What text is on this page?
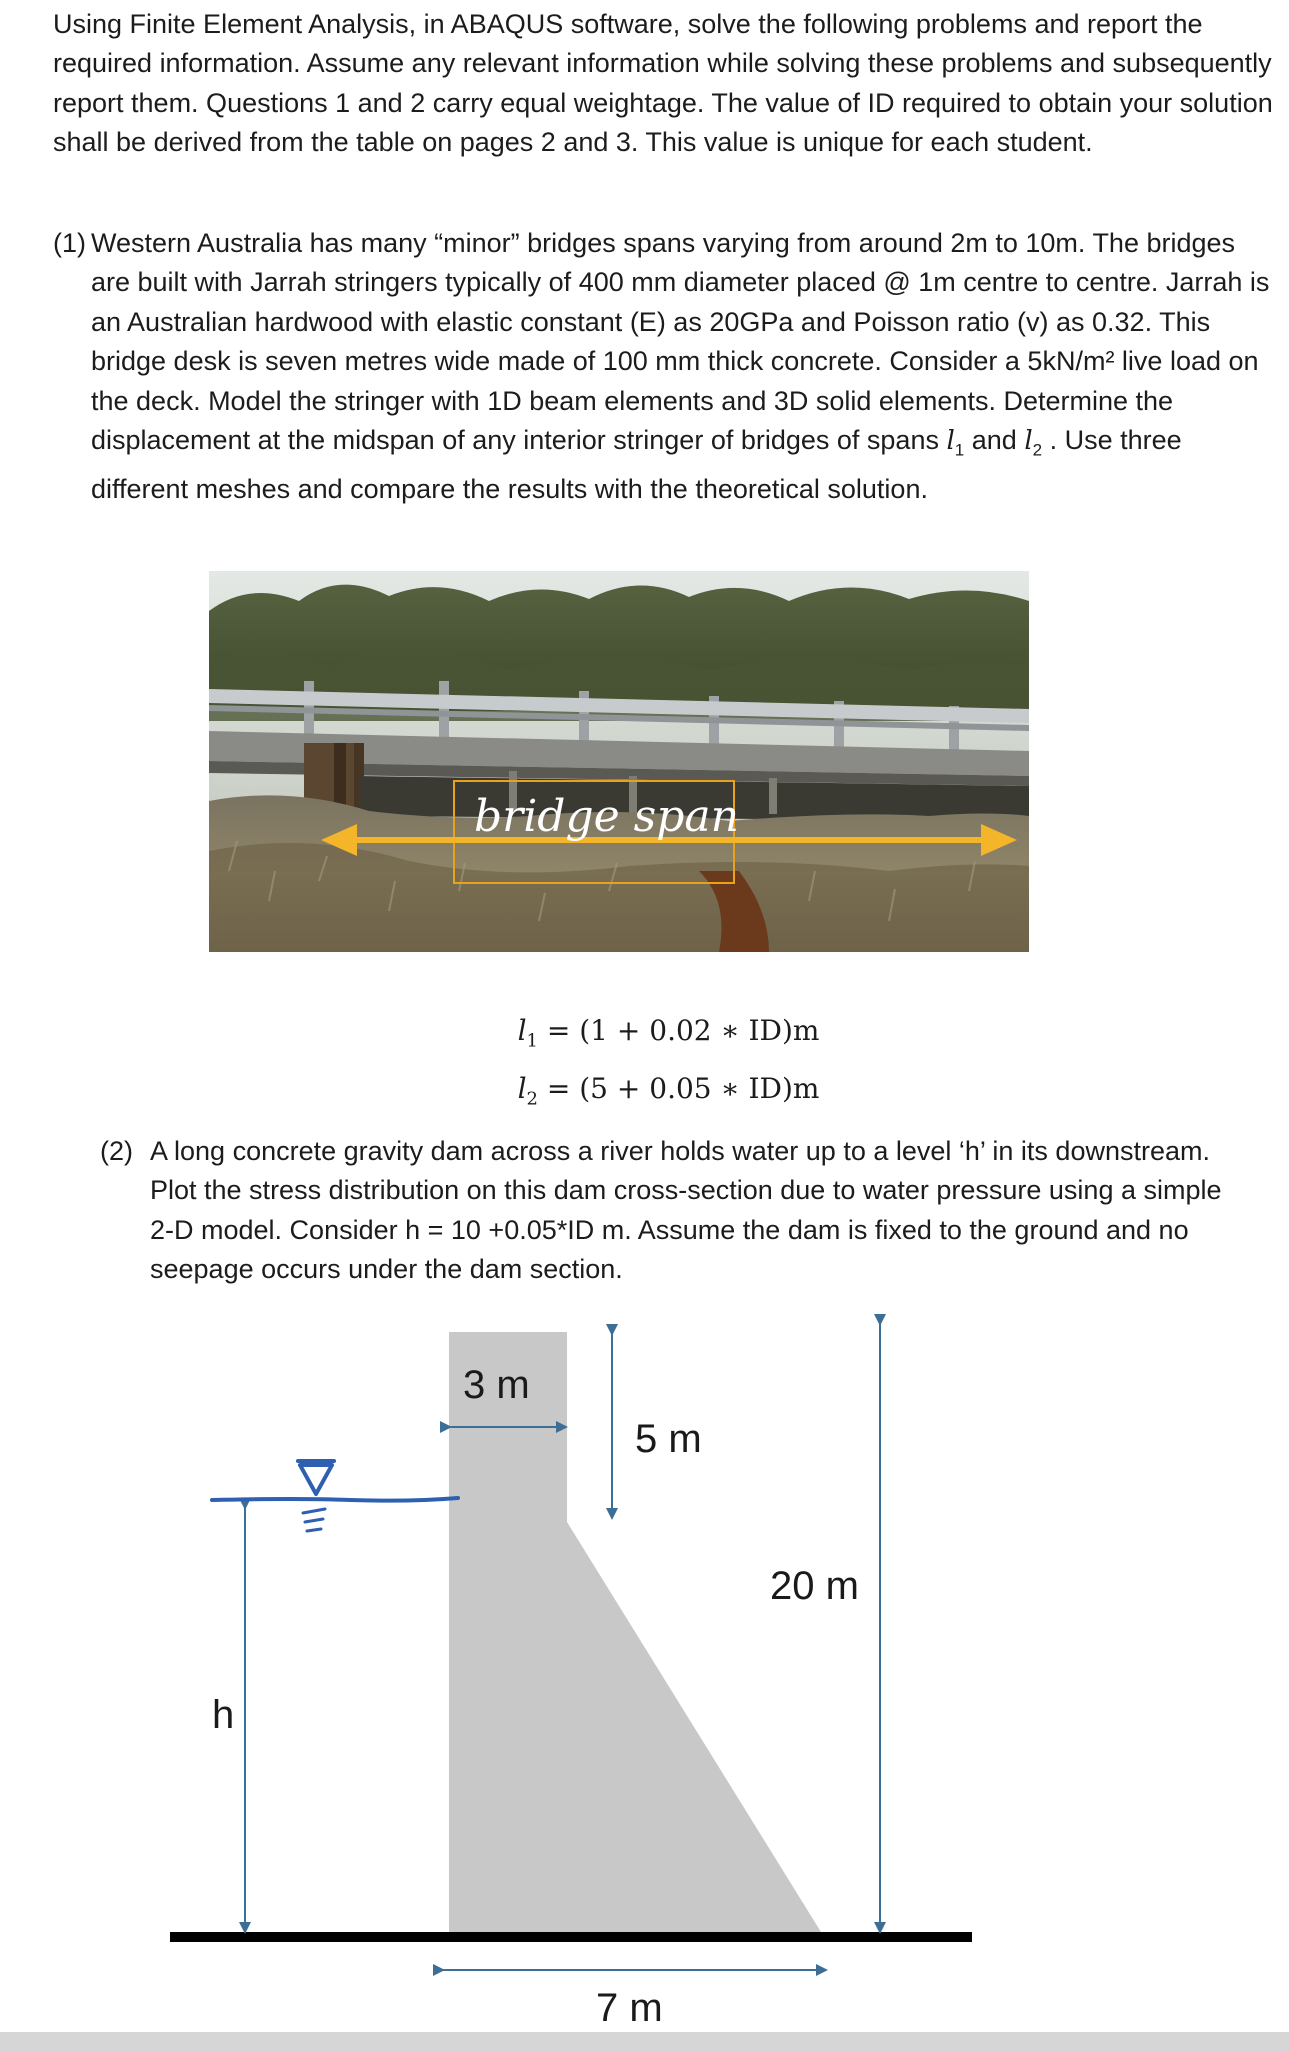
Using Finite Element Analysis, in ABAQUS software, solve the following problems and report the required information. Assume any relevant information while solving these problems and subsequently report them. Questions 1 and 2 carry equal weightage. The value of ID required to obtain your solution shall be derived from the table on pages 2 and 3. This value is unique for each student.

(1) Western Australia has many “minor” bridges spans varying from around 2m to 10m. The bridges are built with Jarrah stringers typically of 400 mm diameter placed @ 1m centre to centre. Jarrah is an Australian hardwood with elastic constant (E) as 20GPa and Poisson ratio (v) as 0.32. This bridge desk is seven metres wide made of 100 mm thick concrete. Consider a 5kN/m² live load on the deck. Model the stringer with 1D beam elements and 3D solid elements. Determine the displacement at the midspan of any interior stringer of bridges of spans $l_1$ and $l_2$ . Use three different meshes and compare the results with the theoretical solution.
bridge span
$l_1 = (1 + 0.02$ ∗ ID)m
$l_2 = (5 + 0.05$ ∗ ID)m
(2) A long concrete gravity dam across a river holds water up to a level ‘h’ in its downstream. Plot the stress distribution on this dam cross-section due to water pressure using a simple 2-D model. Consider h = 10 +0.05*ID m. Assume the dam is fixed to the ground and no seepage occurs under the dam section.
3 m
5 m
20 m
h
7 m
